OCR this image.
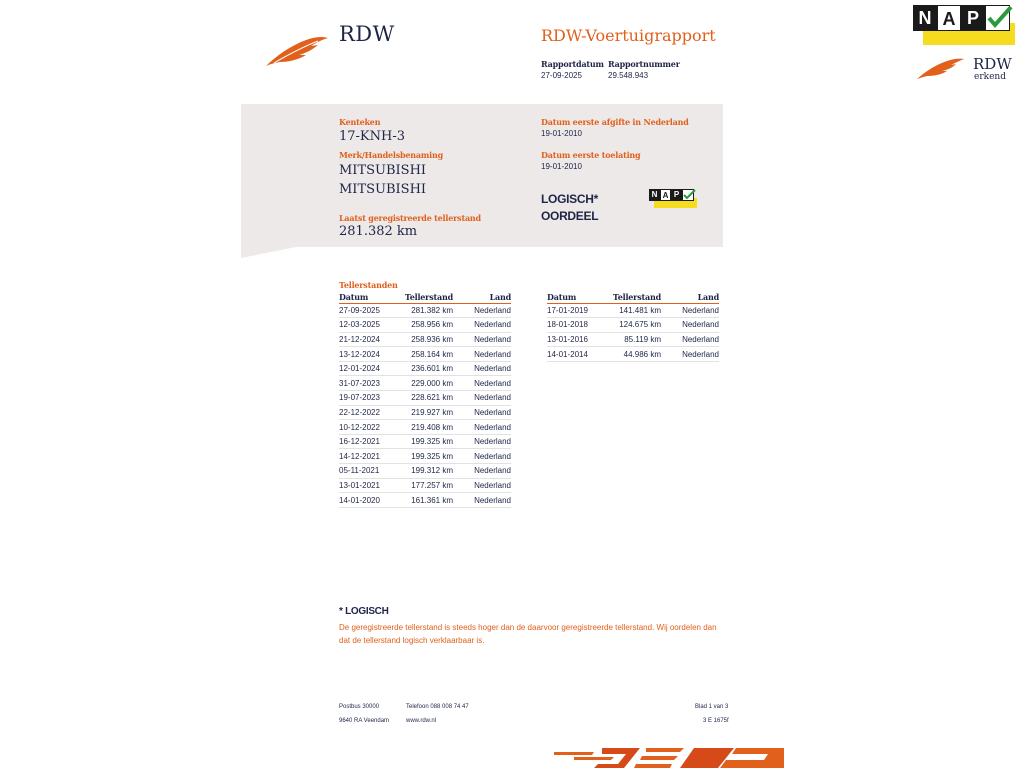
RDW	RDW-Voertuigrapport
Rapportdatum
27-09-2025
Rapportnummer
29.548.943
N A P
RDW
erkend
Kenteken
17-KNH-3
Merk/Handelsbenaming
MITSUBISHI
MITSUBISHI
Laatst geregistreerde tellerstand
281.382 km
Datum eerste afgifte in Nederland
19-01-2010
Datum eerste toelating
19-01-2010
LOGISCH*
OORDEEL
N A P
Tellerstanden
Datum	Tellerstand	Land
27-09-2025	281.382 km	Nederland
12-03-2025	258.956 km	Nederland
21-12-2024	258.936 km	Nederland
13-12-2024	258.164 km	Nederland
12-01-2024	236.601 km	Nederland
31-07-2023	229.000 km	Nederland
19-07-2023	228.621 km	Nederland
22-12-2022	219.927 km	Nederland
10-12-2022	219.408 km	Nederland
16-12-2021	199.325 km	Nederland
14-12-2021	199.325 km	Nederland
05-11-2021	199.312 km	Nederland
13-01-2021	177.257 km	Nederland
14-01-2020	161.361 km	Nederland
Datum	Tellerstand	Land
17-01-2019	141.481 km	Nederland
18-01-2018	124.675 km	Nederland
13-01-2016	85.119 km	Nederland
14-01-2014	44.986 km	Nederland
* LOGISCH
De geregistreerde tellerstand is steeds hoger dan de daarvoor geregistreerde tellerstand. Wij oordelen dan
dat de tellerstand logisch verklaarbaar is.
Postbus 30000
9640 RA Veendam
Telefoon 088 008 74 47
www.rdw.nl
Blad 1 van 3
3 E 1675f
